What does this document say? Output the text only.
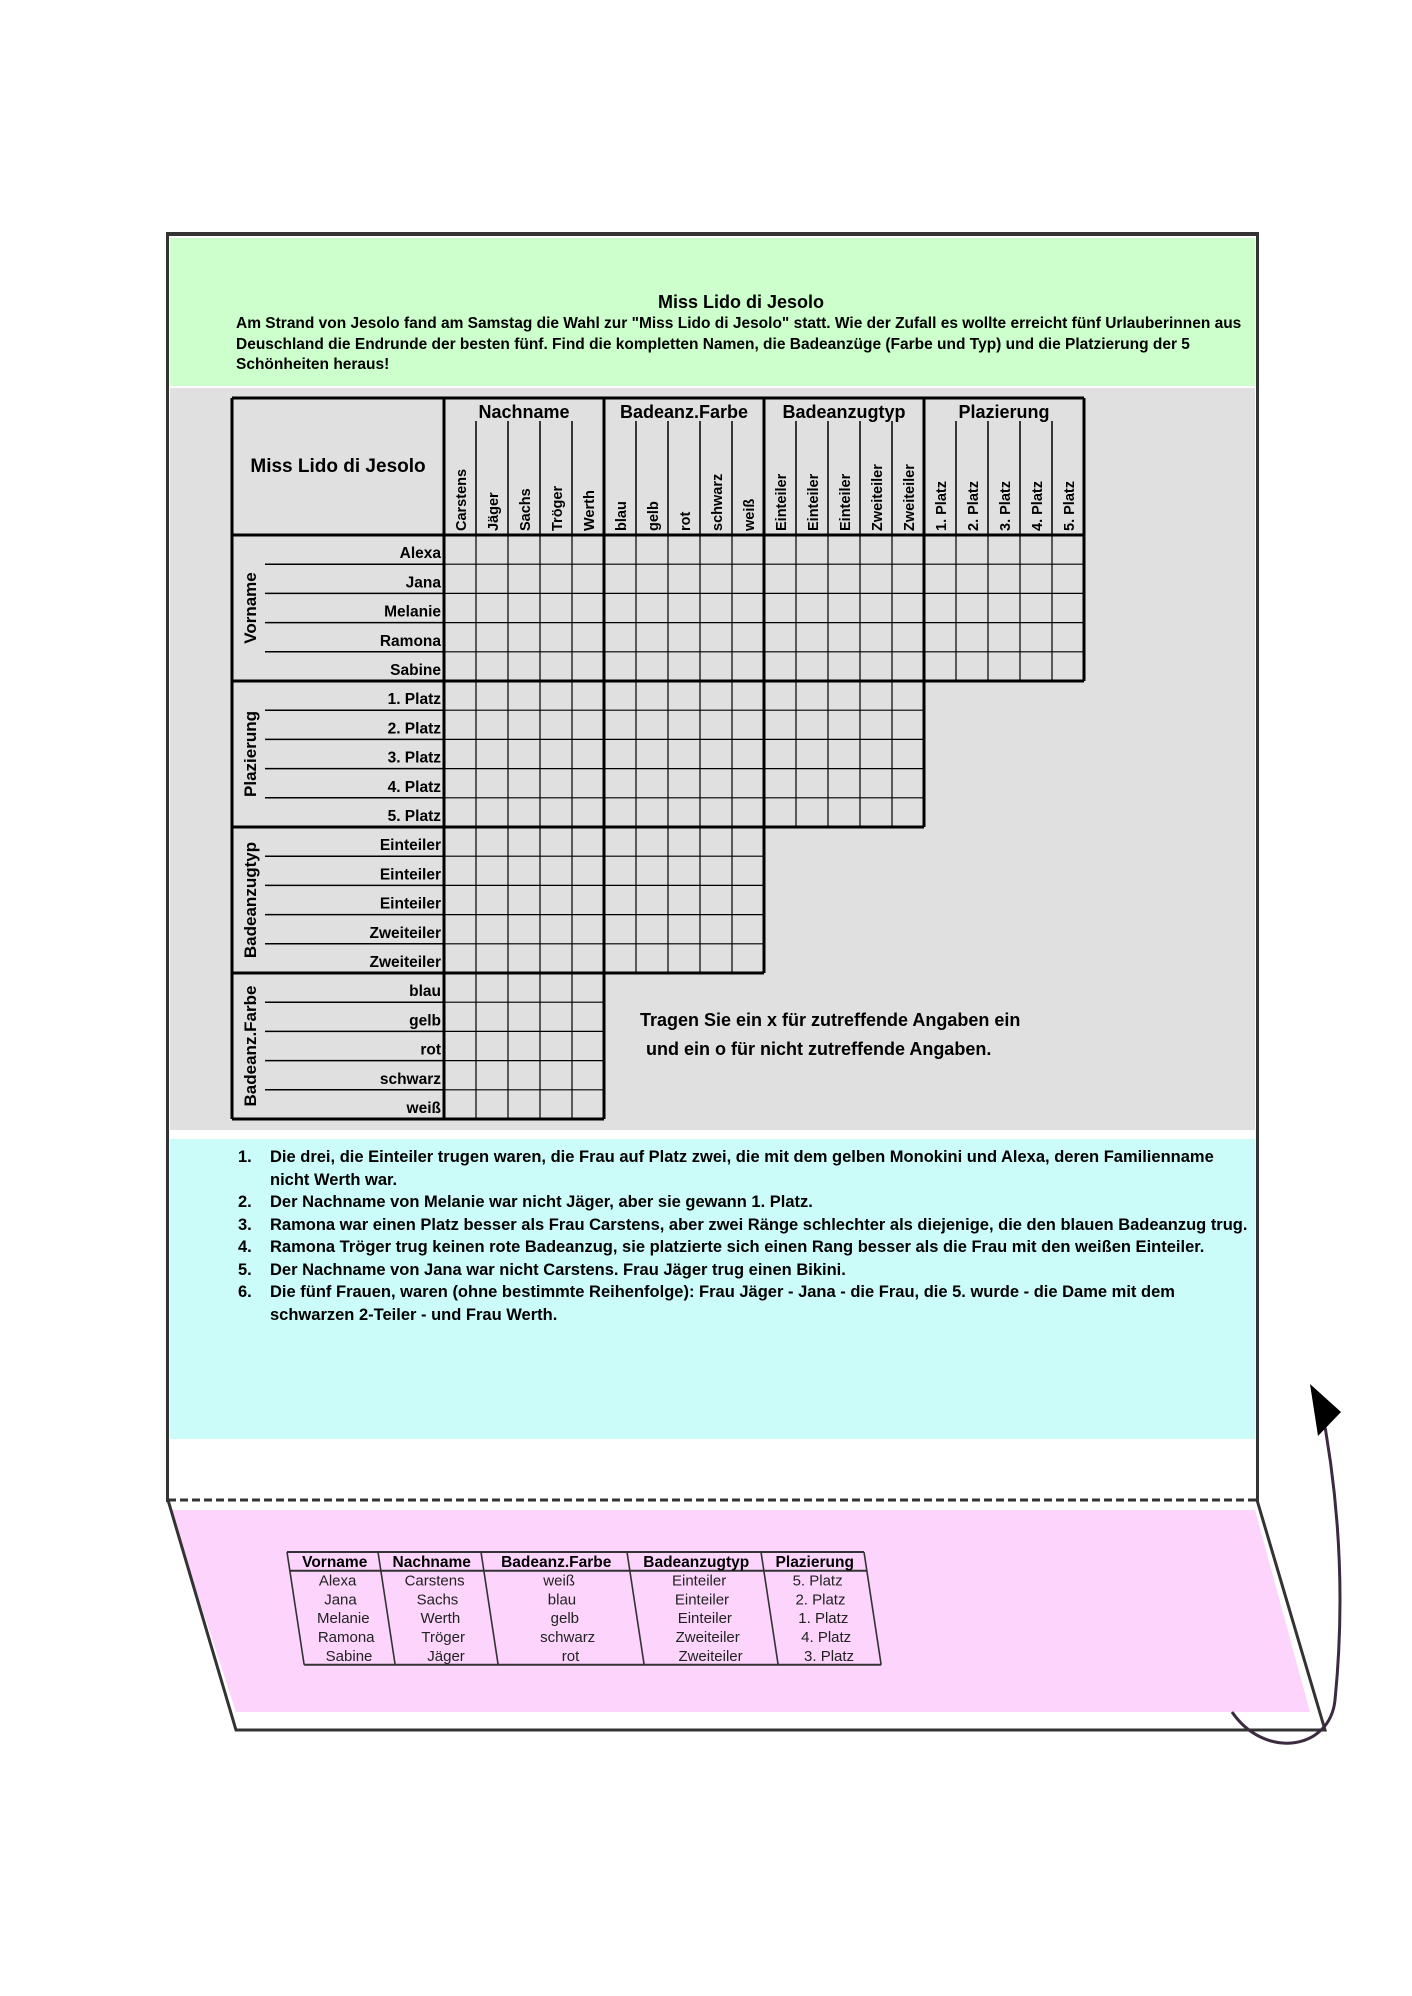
Miss Lido di Jesolo
Am Strand von Jesolo fand am Samstag die Wahl zur "Miss Lido di Jesolo" statt. Wie der Zufall es wollte erreicht fünf Urlauberinnen aus Deuschland die Endrunde der besten fünf. Find die kompletten Namen, die Badeanzüge (Farbe und Typ) und die Platzierung der 5 Schönheiten heraus!
Miss Lido di Jesolo
Vorname
Alexa
Jana
Melanie
Ramona
Sabine
Plazierung
1. Platz
2. Platz
3. Platz
4. Platz
5. Platz
Badeanzugtyp	Einteiler
Einteiler
Einteiler
Zweiteiler
Zweiteiler
Badeanz.Farbe	blau
gelb
rot
schwarz
weiß
Nachname
Carstens Jäger Sachs Tröger Werth
Badeanz.Farbe
blau gelb rot schwarz weiß
Badeanzugtyp
Einteiler Einteiler Einteiler Zweiteiler Zweiteiler
Plazierung
1. Platz 2. Platz 3. Platz 4. Platz 5. Platz
Tragen Sie ein x für zutreffende Angaben ein
und ein o für nicht zutreffende Angaben.
1. Die drei, die Einteiler trugen waren, die Frau auf Platz zwei, die mit dem gelben Monokini und Alexa, deren Familienname nicht Werth war.
2. Der Nachname von Melanie war nicht Jäger, aber sie gewann 1. Platz.
3. Ramona war einen Platz besser als Frau Carstens, aber zwei Ränge schlechter als diejenige, die den blauen Badeanzug trug.
4. Ramona Tröger trug keinen rote Badeanzug, sie platzierte sich einen Rang besser als die Frau mit den weißen Einteiler.
5. Der Nachname von Jana war nicht Carstens. Frau Jäger trug einen Bikini.
6. Die fünf Frauen, waren (ohne bestimmte Reihenfolge): Frau Jäger - Jana - die Frau, die 5. wurde - die Dame mit dem schwarzen 2-Teiler - und Frau Werth.
Vorname Nachname Badeanz.Farbe Badeanzugtyp Plazierung
Alexa	Carstens	weiß	Einteiler	5. Platz
Jana	Sachs	blau	Einteiler	2. Platz
Melanie	Werth	gelb	Einteiler	1. Platz
Ramona	Tröger	schwarz	Zweiteiler	4. Platz
Sabine	Jäger	rot	Zweiteiler	3. Platz
